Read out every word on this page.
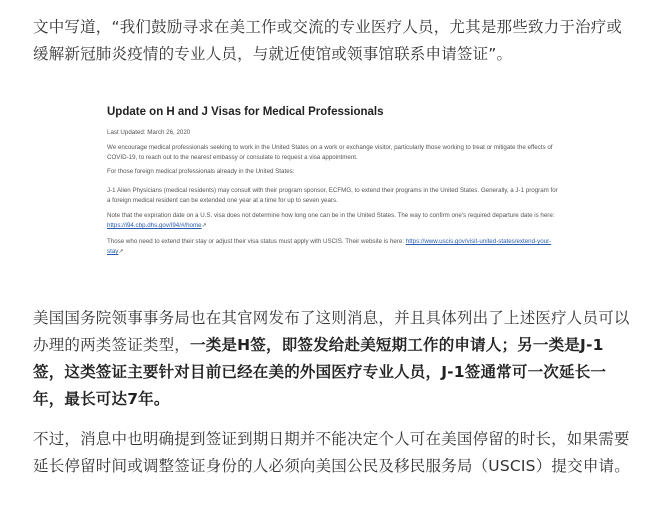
文中写道，“我们鼓励寻求在美工作或交流的专业医疗人员，尤其是那些致力于治疗或缓解新冠肺炎疫情的专业人员，与就近使馆或领事馆联系申请签证”。

Update on H and J Visas for Medical Professionals

Last Updated: March 26, 2020

We encourage medical professionals seeking to work in the United States on a work or exchange visitor, particularly those working to treat or mitigate the effects of COVID-19, to reach out to the nearest embassy or consulate to request a visa appointment.

For those foreign medical professionals already in the United States:

J-1 Alien Physicians (medical residents) may consult with their program sponsor, ECFMG, to extend their programs in the United States. Generally, a J-1 program for a foreign medical resident can be extended one year at a time for up to seven years.

Note that the expiration date on a U.S. visa does not determine how long one can be in the United States. The way to confirm one's required departure date is here: https://i94.cbp.dhs.gov/I94/#/home↗

Those who need to extend their stay or adjust their visa status must apply with USCIS. Their website is here: https://www.uscis.gov/visit-united-states/extend-your-stay↗

美国国务院领事事务局也在其官网发布了这则消息，并且具体列出了上述医疗人员可以办理的两类签证类型，一类是H签，即签发给赴美短期工作的申请人；另一类是J-1签，这类签证主要针对目前已经在美的外国医疗专业人员，J-1签通常可一次延长一年，最长可达7年。

不过，消息中也明确提到签证到期日期并不能决定个人可在美国停留的时长，如果需要延长停留时间或调整签证身份的人必须向美国公民及移民服务局（USCIS）提交申请。
